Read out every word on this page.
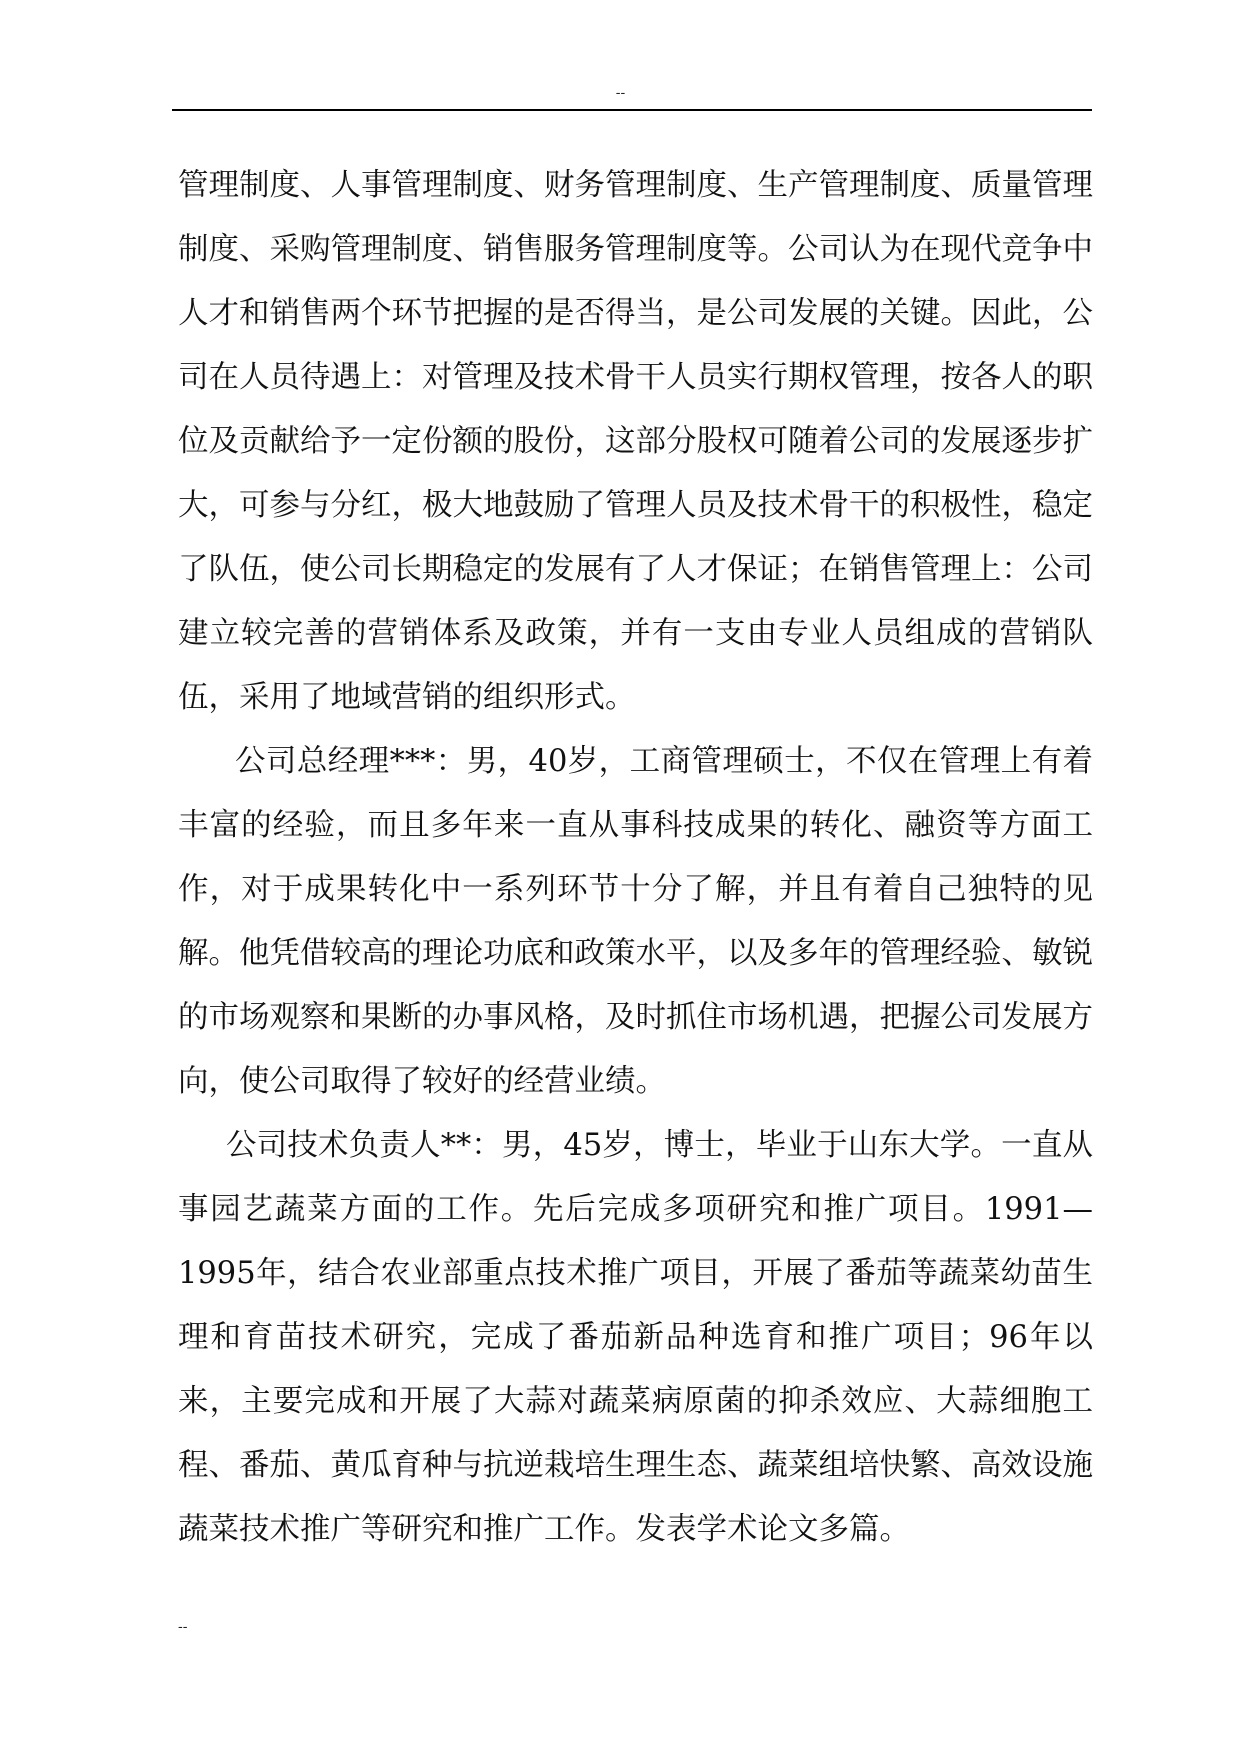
--

管理制度、人事管理制度、财务管理制度、生产管理制度、质量管理制度、采购管理制度、销售服务管理制度等。公司认为在现代竞争中人才和销售两个环节把握的是否得当，是公司发展的关键。因此，公司在人员待遇上：对管理及技术骨干人员实行期权管理，按各人的职位及贡献给予一定份额的股份，这部分股权可随着公司的发展逐步扩大，可参与分红，极大地鼓励了管理人员及技术骨干的积极性，稳定了队伍，使公司长期稳定的发展有了人才保证；在销售管理上：公司建立较完善的营销体系及政策，并有一支由专业人员组成的营销队伍，采用了地域营销的组织形式。

公司总经理***：男，40岁，工商管理硕士，不仅在管理上有着丰富的经验，而且多年来一直从事科技成果的转化、融资等方面工作，对于成果转化中一系列环节十分了解，并且有着自己独特的见解。他凭借较高的理论功底和政策水平，以及多年的管理经验、敏锐的市场观察和果断的办事风格，及时抓住市场机遇，把握公司发展方向，使公司取得了较好的经营业绩。

公司技术负责人**：男，45岁，博士，毕业于山东大学。一直从事园艺蔬菜方面的工作。先后完成多项研究和推广项目。1991—1995年，结合农业部重点技术推广项目，开展了番茄等蔬菜幼苗生理和育苗技术研究，完成了番茄新品种选育和推广项目；96年以来，主要完成和开展了大蒜对蔬菜病原菌的抑杀效应、大蒜细胞工程、番茄、黄瓜育种与抗逆栽培生理生态、蔬菜组培快繁、高效设施蔬菜技术推广等研究和推广工作。发表学术论文多篇。

--
